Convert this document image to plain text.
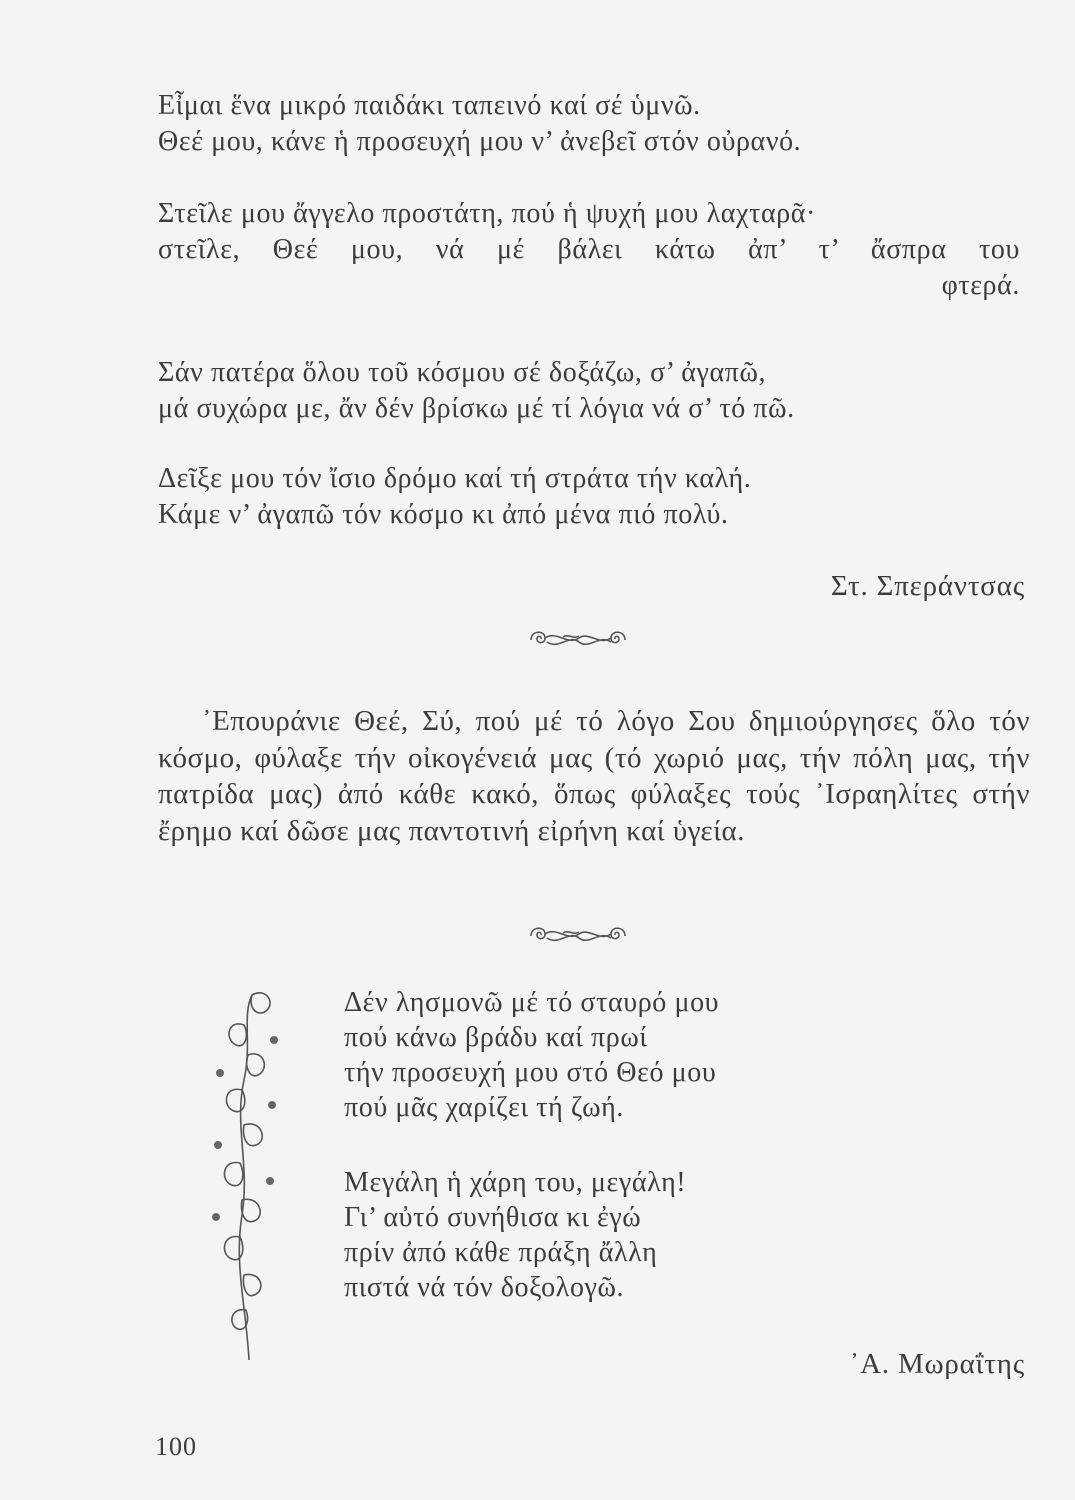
Εἶμαι ἕνα μικρό παιδάκι ταπεινό καί σέ ὑμνῶ.
Θεέ μου, κάνε ἡ προσευχή μου ν’ ἀνεβεῖ στόν οὐρανό.
Στεῖλε μου ἄγγελο προστάτη, πού ἡ ψυχή μου λαχταρᾶ·
στεῖλε, Θεέ μου, νά μέ βάλει κάτω ἀπ’ τ’ ἄσπρα του
φτερά.
Σάν πατέρα ὅλου τοῦ κόσμου σέ δοξάζω, σ’ ἀγαπῶ,
μά συχώρα με, ἄν δέν βρίσκω μέ τί λόγια νά σ’ τό πῶ.
Δεῖξε μου τόν ἴσιο δρόμο καί τή στράτα τήν καλή.
Κάμε ν’ ἀγαπῶ τόν κόσμο κι ἀπό μένα πιό πολύ.
Στ. Σπεράντσας
᾿Επουράνιε Θεέ, Σύ, πού μέ τό λόγο Σου δημιούργησες ὅλο τόν κόσμο, φύλαξε τήν οἰκογένειά μας (τό χωριό μας, τήν πόλη μας, τήν πατρίδα μας) ἀπό κάθε κακό, ὅπως φύλαξες τούς ᾿Ισραηλίτες στήν ἔρημο καί δῶσε μας παντοτινή εἰρήνη καί ὑγεία.
Δέν λησμονῶ μέ τό σταυρό μου
πού κάνω βράδυ καί πρωί
τήν προσευχή μου στό Θεό μου
πού μᾶς χαρίζει τή ζωή.
Μεγάλη ἡ χάρη του, μεγάλη!
Γι’ αὐτό συνήθισα κι ἐγώ
πρίν ἀπό κάθε πράξη ἄλλη
πιστά νά τόν δοξολογῶ.
᾿Α. Μωραΐτης
100
